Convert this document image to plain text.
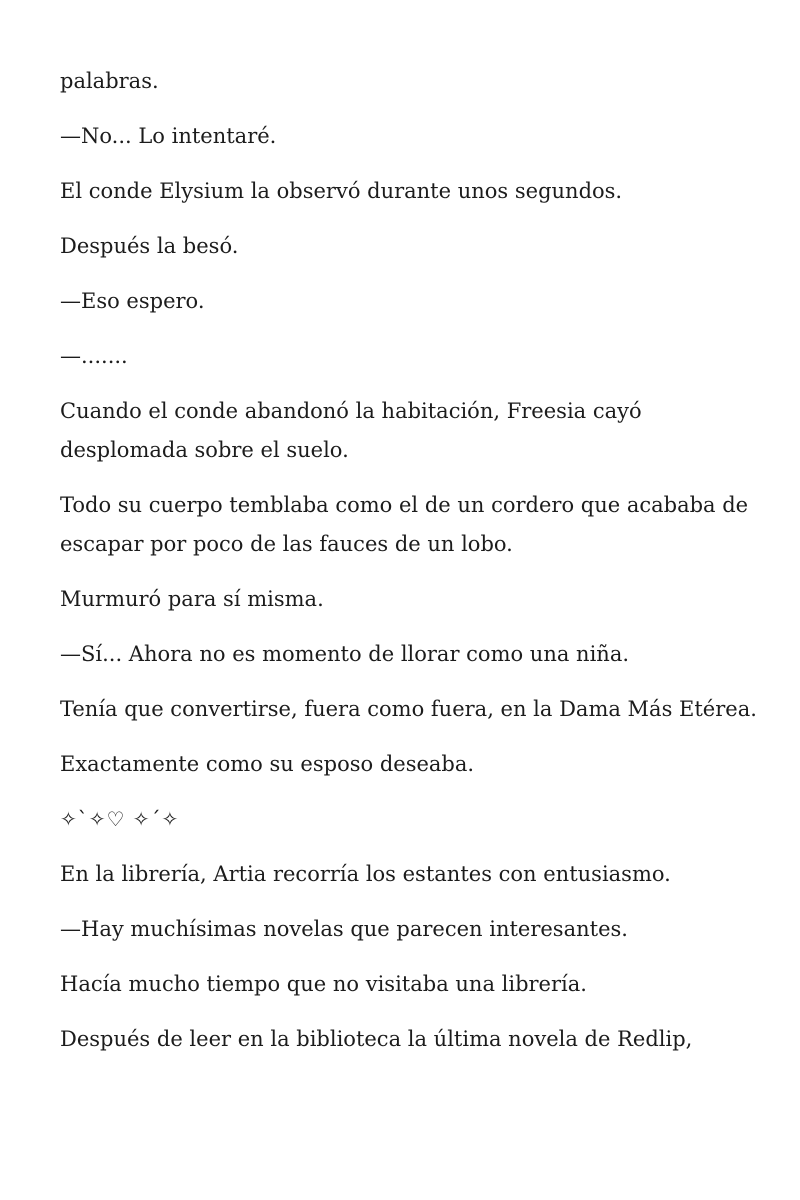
palabras.

—No... Lo intentaré.

El conde Elysium la observó durante unos segundos.

Después la besó.

—Eso espero.

—.......

Cuando el conde abandonó la habitación, Freesia cayó desplomada sobre el suelo.

Todo su cuerpo temblaba como el de un cordero que acababa de escapar por poco de las fauces de un lobo.

Murmuró para sí misma.

—Sí... Ahora no es momento de llorar como una niña.

Tenía que convertirse, fuera como fuera, en la Dama Más Etérea.

Exactamente como su esposo deseaba.

✧`✧♡ ✧´✧

En la librería, Artia recorría los estantes con entusiasmo.

—Hay muchísimas novelas que parecen interesantes.

Hacía mucho tiempo que no visitaba una librería.

Después de leer en la biblioteca la última novela de Redlip,
